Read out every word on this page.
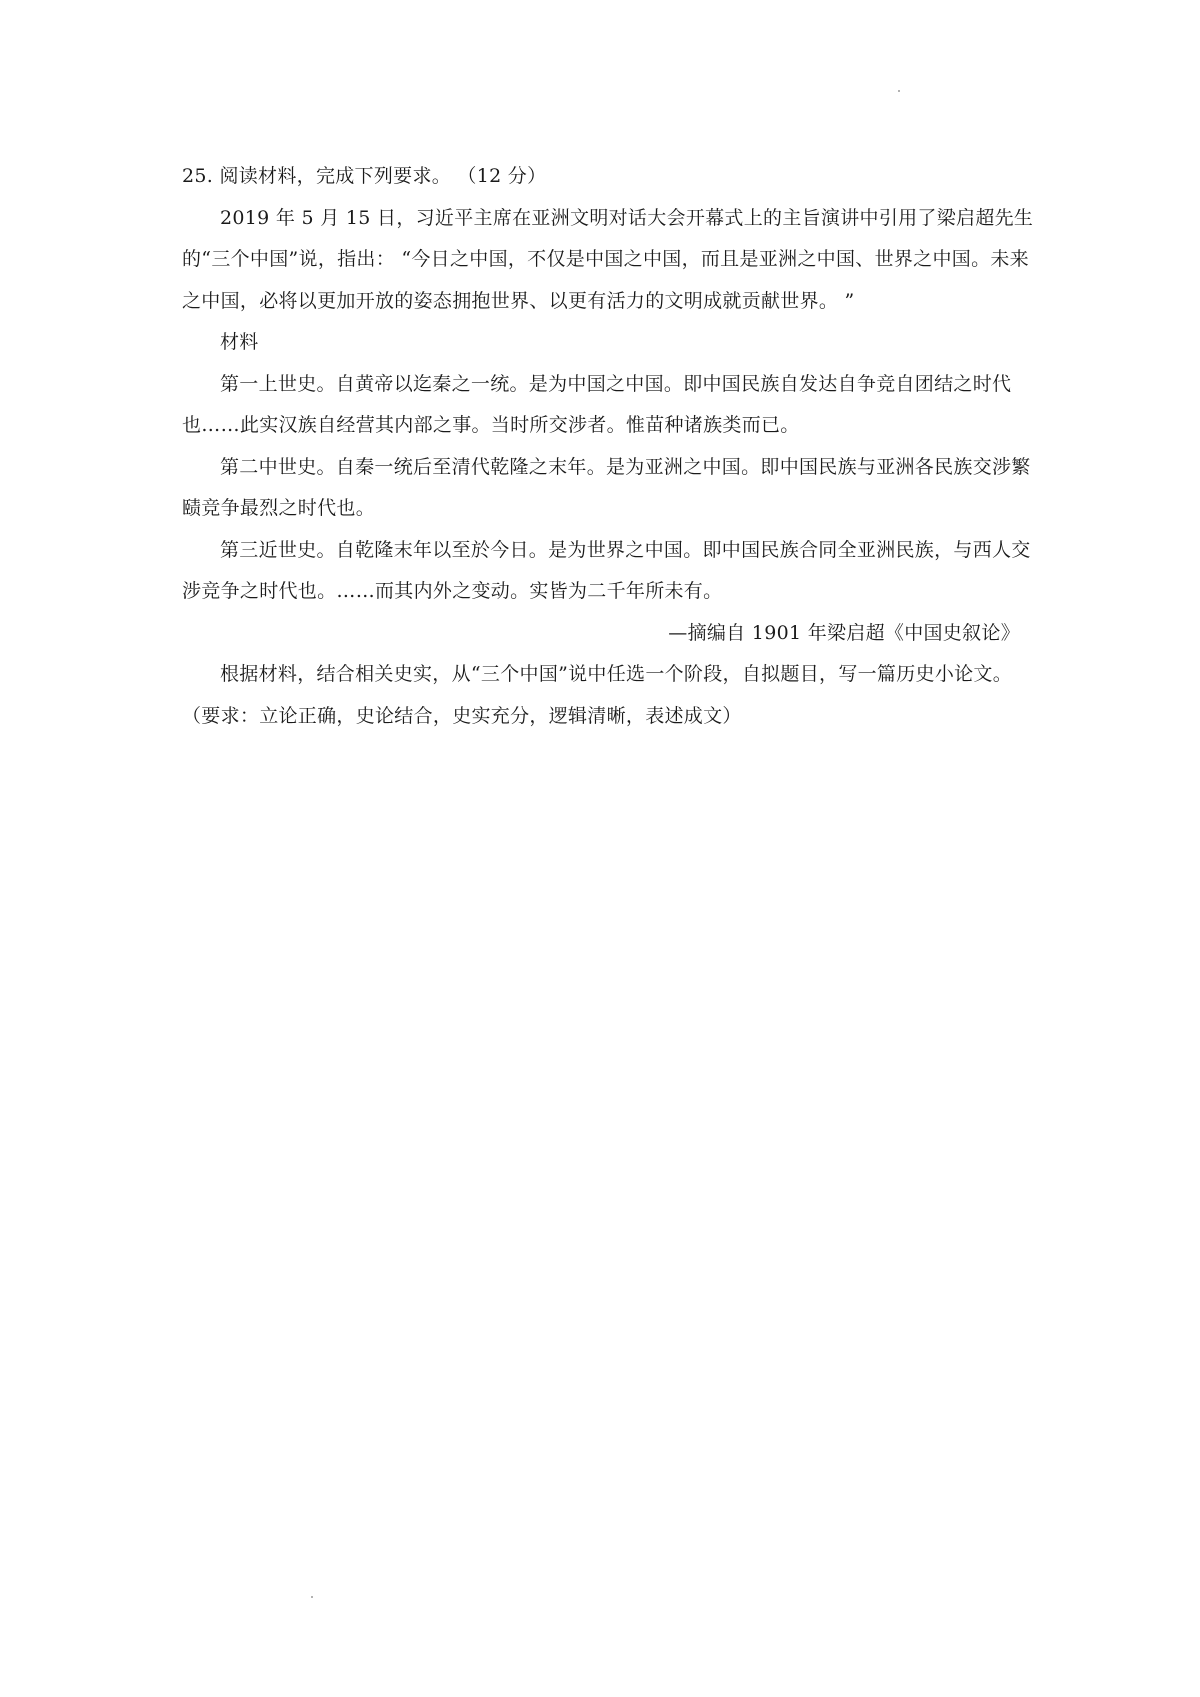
25. 阅读材料，完成下列要求。 （12 分）

2019 年 5 月 15 日，习近平主席在亚洲文明对话大会开幕式上的主旨演讲中引用了梁启超先生的“三个中国”说，指出： “今日之中国，不仅是中国之中国，而且是亚洲之中国、世界之中国。未来之中国，必将以更加开放的姿态拥抱世界、以更有活力的文明成就贡献世界。 ”

材料

第一上世史。自黄帝以迄秦之一统。是为中国之中国。即中国民族自发达自争竞自团结之时代也……此实汉族自经营其内部之事。当时所交涉者。惟苗种诸族类而已。

第二中世史。自秦一统后至清代乾隆之末年。是为亚洲之中国。即中国民族与亚洲各民族交涉繁赜竞争最烈之时代也。

第三近世史。自乾隆末年以至於今日。是为世界之中国。即中国民族合同全亚洲民族，与西人交涉竞争之时代也。……而其内外之变动。实皆为二千年所未有。

—摘编自 1901 年梁启超《中国史叙论》

根据材料，结合相关史实，从“三个中国”说中任选一个阶段，自拟题目，写一篇历史小论文。 （要求：立论正确，史论结合，史实充分，逻辑清晰，表述成文）
